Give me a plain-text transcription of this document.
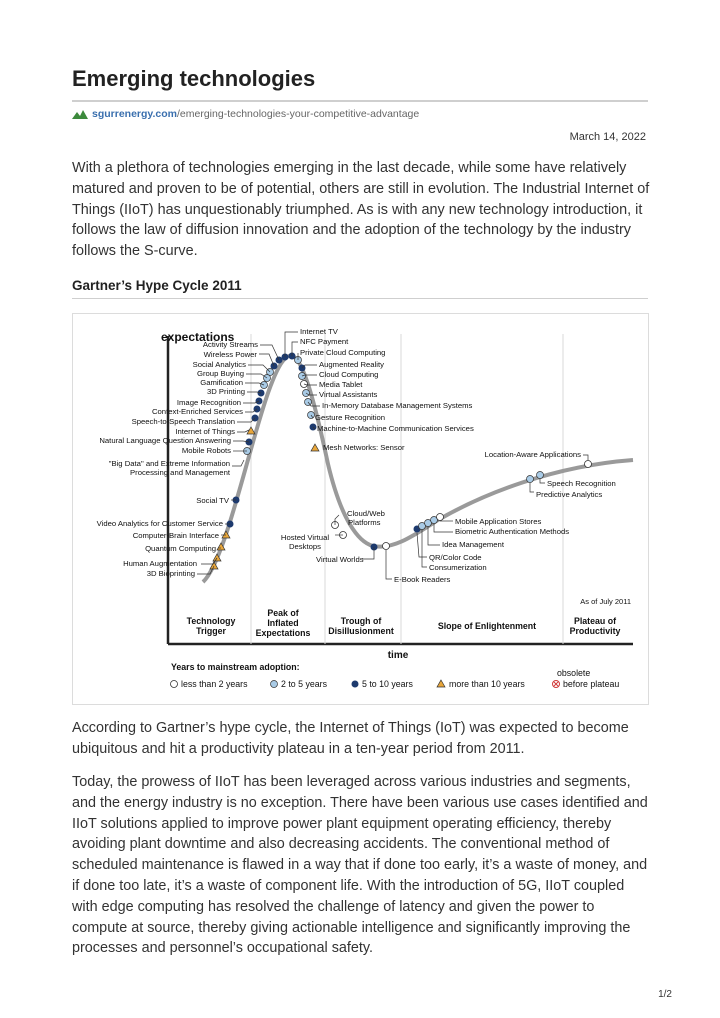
Emerging technologies
sgurrenergy.com /emerging-technologies-your-competitive-advantage
March 14, 2022

With a plethora of technologies emerging in the last decade, while some have relatively matured and proven to be of potential, others are still in evolution. The Industrial Internet of Things (IIoT) has unquestionably triumphed. As is with any new technology introduction, it follows the law of diffusion innovation and the adoption of the technology by the industry follows the S-curve.

Gartner’s Hype Cycle 2011
expectations
Activity Streams
Wireless Power
Social Analytics
Group Buying
Gamification
3D Printing
Image Recognition
Context-Enriched Services
Speech-to-Speech Translation
Internet of Things
Natural Language Question Answering
Mobile Robots
"Big Data" and Extreme Information
Processing and Management
Social TV
Video Analytics for Customer Service
Computer-Brain Interface
Quantum Computing
Human Augmentation
3D Bioprinting
Internet TV
NFC Payment
Private Cloud Computing
Augmented Reality
Cloud Computing
Media Tablet
Virtual Assistants
In-Memory Database Management Systems
Gesture Recognition
Machine-to-Machine Communication Services
Mesh Networks: Sensor
Cloud/Web
Platforms
Hosted Virtual
Desktops
Virtual Worlds
E-Book Readers
Location-Aware Applications
Speech Recognition
Predictive Analytics
Mobile Application Stores
Biometric Authentication Methods
Idea Management
QR/Color Code
Consumerization
As of July 2011
Technology Trigger
Peak of Inflated Expectations
Trough of Disillusionment	Slope of Enlightenment	Plateau of Productivity
time
Years to mainstream adoption:
less than 2 years	2 to 5 years	5 to 10 years	more than 10 years
obsolete
before plateau

According to Gartner’s hype cycle, the Internet of Things (IoT) was expected to become ubiquitous and hit a productivity plateau in a ten-year period from 2011.

Today, the prowess of IIoT has been leveraged across various industries and segments, and the energy industry is no exception. There have been various use cases identified and IIoT solutions applied to improve power plant equipment operating efficiency, thereby avoiding plant downtime and also decreasing accidents. The conventional method of scheduled maintenance is flawed in a way that if done too early, it’s a waste of money, and if done too late, it’s a waste of component life. With the introduction of 5G, IIoT coupled with edge computing has resolved the challenge of latency and given the power to compute at source, thereby giving actionable intelligence and significantly improving the processes and personnel’s occupational safety.

1/2
